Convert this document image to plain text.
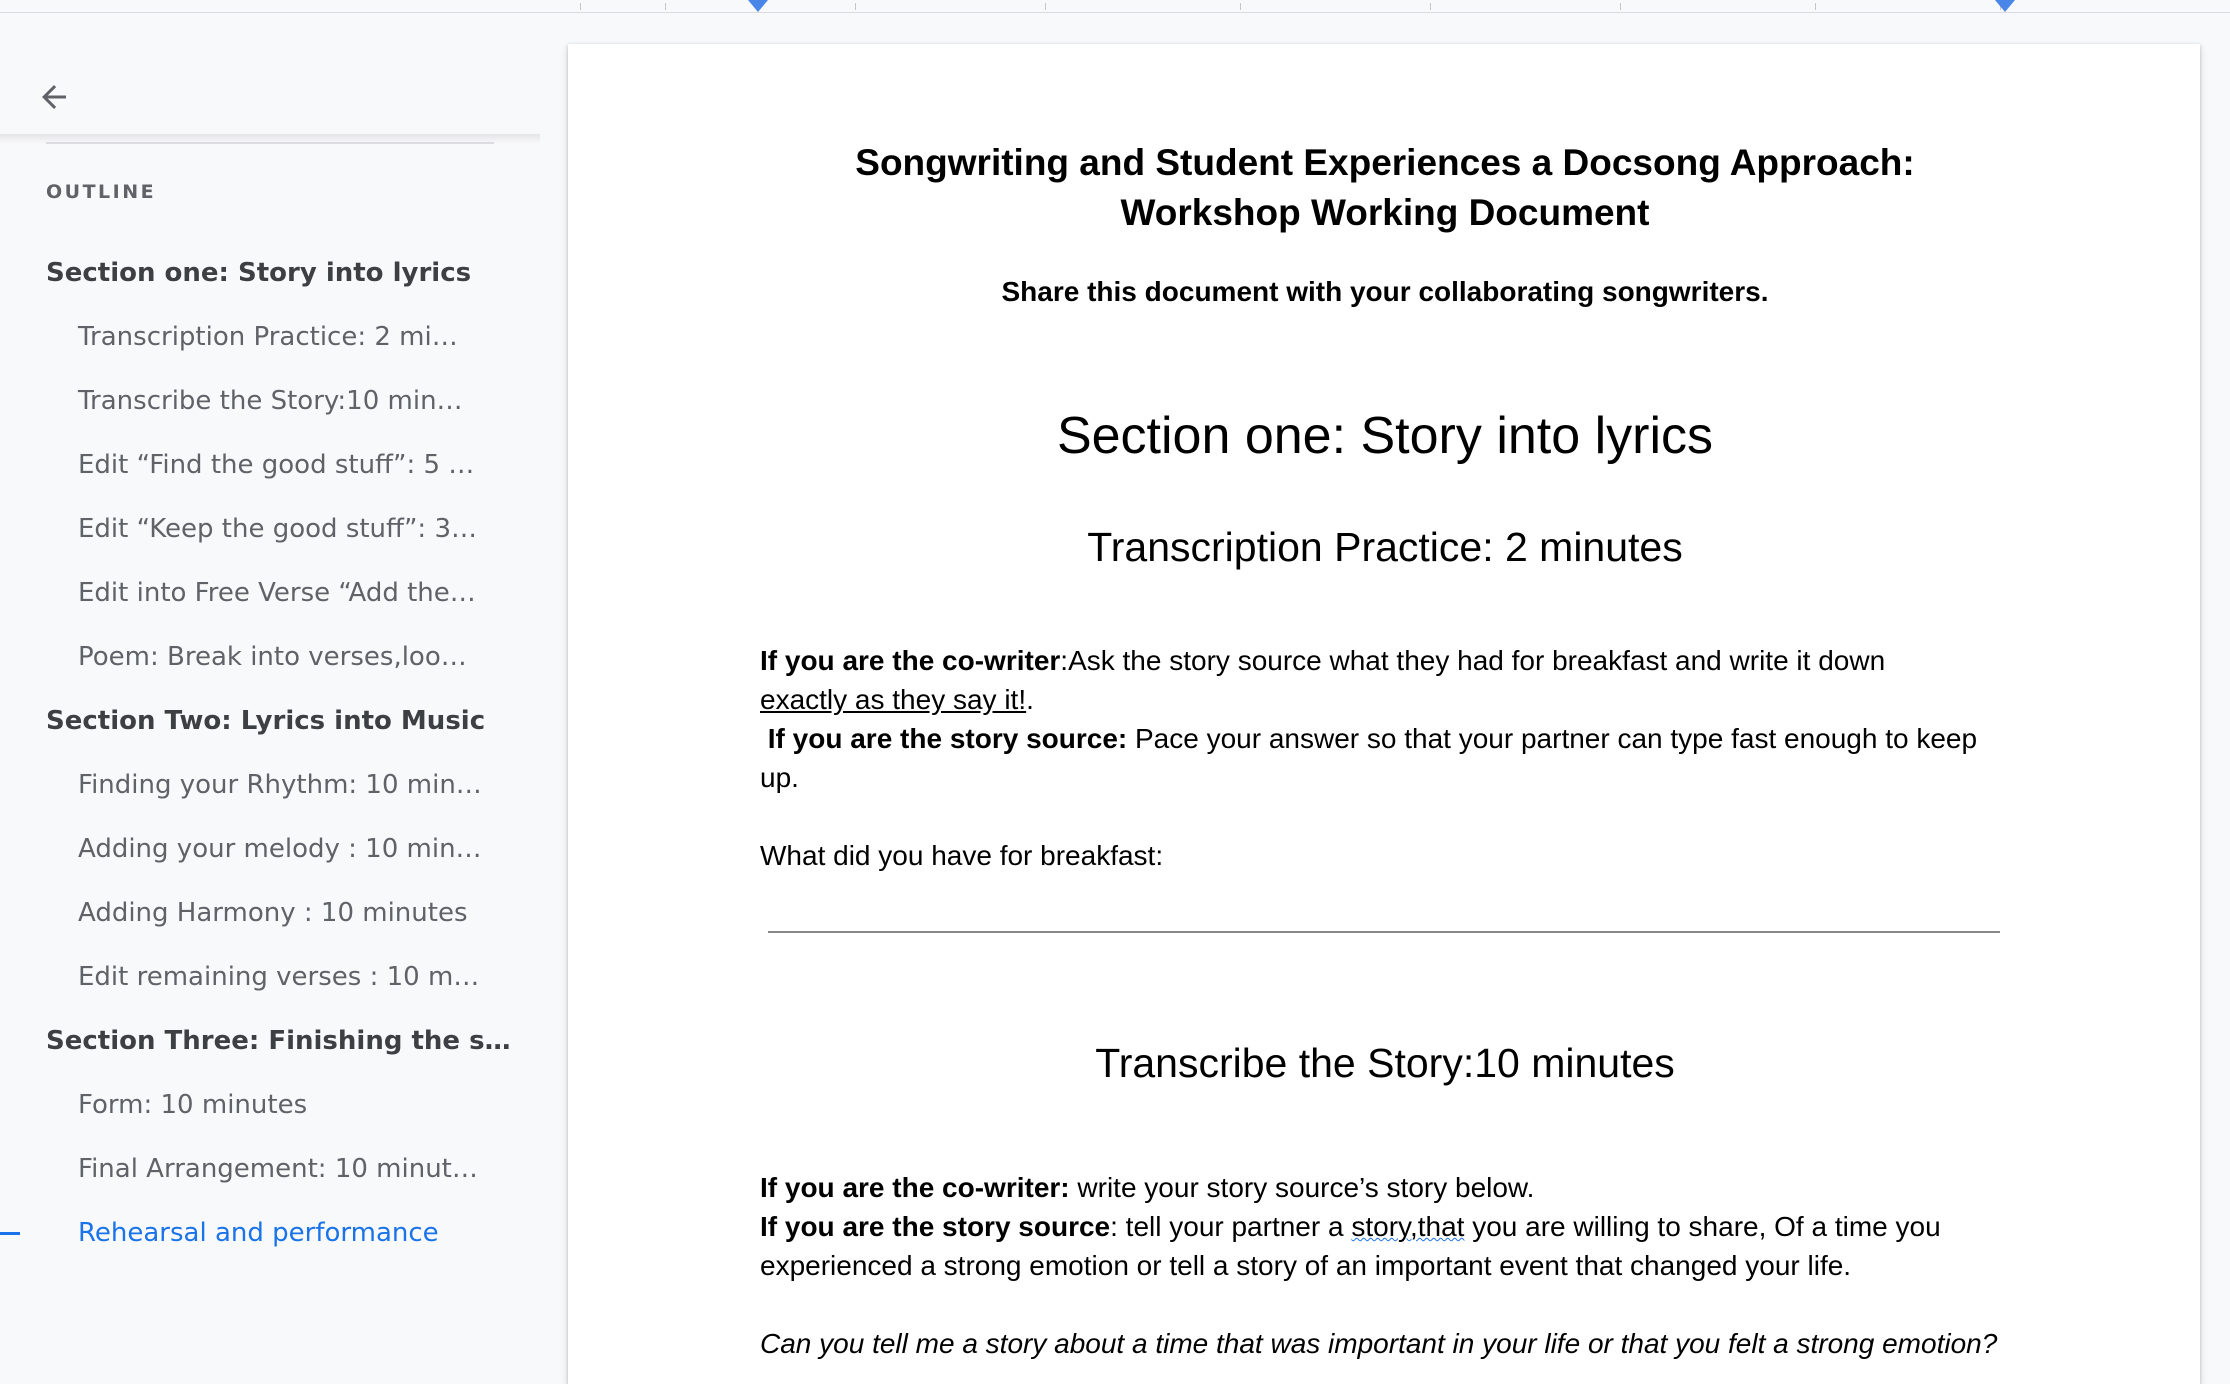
OUTLINE
Section one: Story into lyrics
Transcription Practice: 2 mi…
Transcribe the Story:10 min…
Edit “Find the good stuff”: 5 …
Edit “Keep the good stuff”: 3…
Edit into Free Verse “Add the…
Poem: Break into verses,loo…
Section Two: Lyrics into Music
Finding your Rhythm: 10 min…
Adding your melody : 10 min…
Adding Harmony : 10 minutes
Edit remaining verses : 10 m…
Section Three: Finishing the s…
Form: 10 minutes
Final Arrangement: 10 minut…
Rehearsal and performance
Songwriting and Student Experiences a Docsong Approach:
Workshop Working Document
Share this document with your collaborating songwriters.
Section one: Story into lyrics
Transcription Practice: 2 minutes
If you are the co-writer:Ask the story source what they had for breakfast and write it down
exactly as they say it!.
If you are the story source: Pace your answer so that your partner can type fast enough to keep up.
What did you have for breakfast:
Transcribe the Story:10 minutes
If you are the co-writer: write your story source’s story below.
If you are the story source: tell your partner a story,that you are willing to share, Of a time you experienced a strong emotion or tell a story of an important event that changed your life.
Can you tell me a story about a time that was important in your life or that you felt a strong emotion?
